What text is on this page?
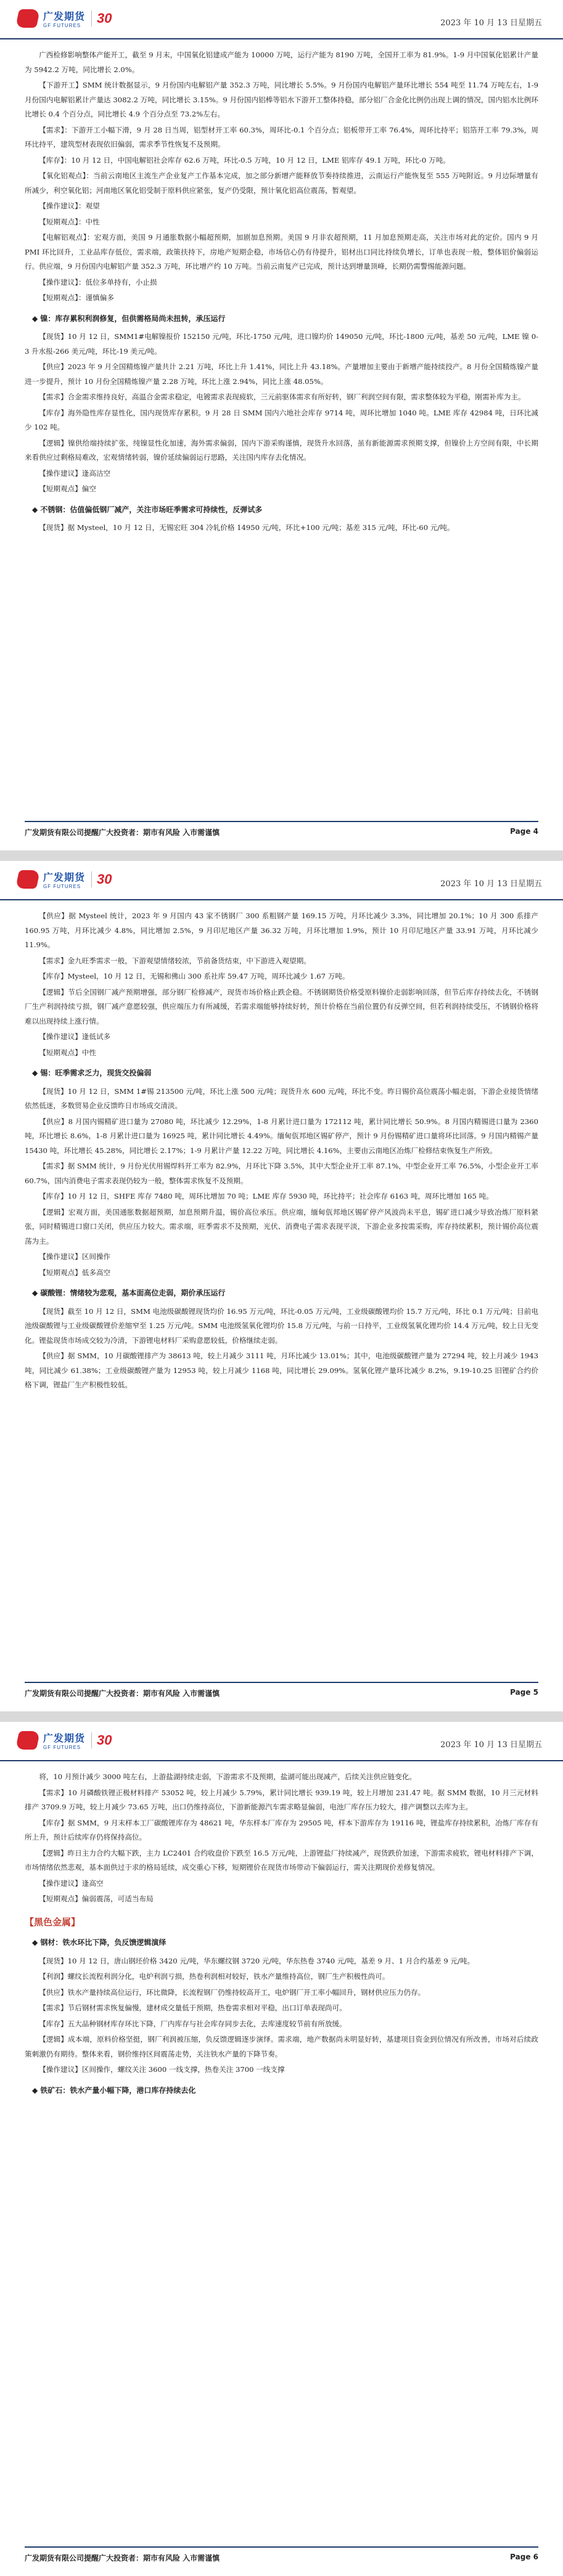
广发期货
GF FUTURES	30	2023 年 10 月 13 日星期五

广西检修影响整体产能开工，截至 9 月末，中国氧化铝建成产能为 10000 万吨，运行产能为 8190 万吨，全国开工率为 81.9%。1-9 月中国氧化铝累计产量为 5942.2 万吨，同比增长 2.0%。

【下游开工】SMM 统计数据显示，9 月份国内电解铝产量 352.3 万吨，同比增长 5.5%。9 月份国内电解铝产量环比增长 554 吨至 11.74 万吨左右，1-9 月份国内电解铝累计产量达 3082.2 万吨，同比增长 3.15%。9 月份国内铝棒等铝水下游开工整体持稳，部分铝厂合金化比例仍出现上调的情况，国内铝水比例环比增长 0.4 个百分点，同比增长 4.9 个百分点至 73.2%左右。

【需求】：下游开工小幅下滑，9 月 28 日当周，铝型材开工率 60.3%，周环比-0.1 个百分点；铝板带开工率 76.4%，周环比持平；铝箔开工率 79.3%，周环比持平，建筑型材表现依旧偏弱，需求季节性恢复不及预期。

【库存】：10 月 12 日，中国电解铝社会库存 62.6 万吨，环比-0.5 万吨，10 月 12 日，LME 铝库存 49.1 万吨，环比-0 万吨。

【氧化铝观点】：当前云南地区主流生产企业复产工作基本完成，加之部分新增产能释放节奏持续推进，云南运行产能恢复至 555 万吨附近。9 月边际增量有所减少，利空氧化铝；河南地区氧化铝受制于原料供应紧张，复产仍受限，预计氧化铝高位震荡，暂观望。

【操作建议】：观望

【短期观点】：中性

【电解铝观点】：宏观方面，美国 9 月通胀数据小幅超预期，加剧加息预期。美国 9 月非农超预期，11 月加息预期走高，关注市场对此的定价。国内 9 月 PMI 环比回升，工业品库存低位，需求端，政策扶持下，房地产短期企稳，市场信心仍有待提升，铝材出口同比持续负增长，订单也表现一般，整体铝价偏弱运行。供应端，9 月份国内电解铝产量 352.3 万吨，环比增产约 10 万吨。当前云南复产已完成，预计达到增量顶峰，长期仍需警惕能源问题。

【操作建议】：低位多单持有，小止损

【短期观点】：谨慎偏多

◆ 镍：库存累积利润修复，但供需格局尚未扭转，承压运行

【现货】10 月 12 日，SMM1#电解镍报价 152150 元/吨，环比-1750 元/吨，进口镍均价 149050 元/吨，环比-1800 元/吨，基差 50 元/吨，LME 镍 0-3 升水报-266 美元/吨，环比-19 美元/吨。

【供应】2023 年 9 月全国精炼镍产量共计 2.21 万吨，环比上升 1.41%，同比上升 43.18%。产量增加主要由于新增产能持续投产。8 月份全国精炼镍产量进一步提升，预计 10 月份全国精炼镍产量 2.28 万吨，环比上涨 2.94%，同比上涨 48.05%。

【需求】合金需求维持良好，高温合金需求稳定，电镀需求表现疲软，三元前驱体需求有所好转，钢厂利润空间有限，需求整体较为平稳，刚需补库为主。

【库存】海外隐性库存显性化，国内现货库存累积。9 月 28 日 SMM 国内六地社会库存 9714 吨，周环比增加 1040 吨。LME 库存 42984 吨，日环比减少 102 吨。

【逻辑】镍供给端持续扩张，纯镍显性化加速，海外需求偏弱，国内下游采购谨慎，现货升水回落，虽有新能源需求预期支撑，但镍价上方空间有限，中长期来看供应过剩格局难改，宏观情绪转弱，镍价延续偏弱运行思路，关注国内库存去化情况。

【操作建议】逢高沽空

【短期观点】偏空

◆ 不锈钢：估值偏低钢厂减产，关注市场旺季需求可持续性，反弹试多

【现货】据 Mysteel，10 月 12 日，无锡宏旺 304 冷轧价格 14950 元/吨，环比+100 元/吨；基差 315 元/吨，环比-60 元/吨。

广发期货有限公司提醒广大投资者：期市有风险 入市需谨慎	Page 4
广发期货
GF FUTURES	30	2023 年 10 月 13 日星期五

【供应】据 Mysteel 统计，2023 年 9 月国内 43 家不锈钢厂 300 系粗钢产量 169.15 万吨，月环比减少 3.3%，同比增加 20.1%；10 月 300 系排产 160.95 万吨，月环比减少 4.8%，同比增加 2.5%，9 月印尼地区产量 36.32 万吨，月环比增加 1.9%，预计 10 月印尼地区产量 33.91 万吨，月环比减少 11.9%。

【需求】金九旺季需求一般，下游观望情绪较浓，节前备货结束，中下游进入观望期。

【库存】Mysteel，10 月 12 日，无锡和佛山 300 系社库 59.47 万吨，周环比减少 1.67 万吨。

【逻辑】节后全国钢厂减产预期增强，部分钢厂检修减产，现货市场价格止跌企稳。不锈钢期货价格受原料镍价走弱影响回落，但节后库存持续去化，不锈钢厂生产利润持续亏损，钢厂减产意愿较强，供应端压力有所减缓，若需求端能够持续好转，预计价格在当前位置仍有反弹空间，但若利润持续受压，不锈钢价格将难以出现持续上涨行情。

【操作建议】逢低试多

【短期观点】中性

◆ 锡：旺季需求乏力，现货交投偏弱

【现货】10 月 12 日，SMM 1#锡 213500 元/吨，环比上涨 500 元/吨；现货升水 600 元/吨，环比不变。昨日锡价高位震荡小幅走弱，下游企业接货情绪依然低迷，多数贸易企业反馈昨日市场成交清淡。

【供应】8 月国内锡精矿进口量为 27080 吨，环比减少 12.29%，1-8 月累计进口量为 172112 吨，累计同比增长 50.9%。8 月国内精锡进口量为 2360 吨，环比增长 8.6%，1-8 月累计进口量为 16925 吨，累计同比增长 4.49%。缅甸佤邦地区锡矿停产，预计 9 月份锡精矿进口量将环比回落。9 月国内精锡产量 15430 吨，环比增长 45.28%，同比增长 2.17%；1-9 月累计产量 12.22 万吨，同比增长 4.16%，主要由云南地区冶炼厂检修结束恢复生产所致。

【需求】据 SMM 统计，9 月份光伏用锡焊料开工率为 82.9%，月环比下降 3.5%，其中大型企业开工率 87.1%，中型企业开工率 76.5%，小型企业开工率 60.7%，国内消费电子需求表现仍较为一般，整体需求恢复不及预期。

【库存】10 月 12 日，SHFE 库存 7480 吨，周环比增加 70 吨；LME 库存 5930 吨，环比持平；社会库存 6163 吨，周环比增加 165 吨。

【逻辑】宏观方面，美国通胀数据超预期，加息预期升温，锡价高位承压。供应端，缅甸佤邦地区锡矿停产风波尚未平息，锡矿进口减少导致冶炼厂原料紧张，同时精锡进口窗口关闭，供应压力较大。需求端，旺季需求不及预期，光伏、消费电子需求表现平淡，下游企业多按需采购，库存持续累积，预计锡价高位震荡为主。

【操作建议】区间操作

【短期观点】低多高空

◆ 碳酸锂：情绪较为悲观，基本面高位走弱，期价承压运行

【现货】截至 10 月 12 日，SMM 电池级碳酸锂现货均价 16.95 万元/吨，环比-0.05 万元/吨，工业级碳酸锂均价 15.7 万元/吨，环比 0.1 万元/吨；目前电池级碳酸锂与工业级碳酸锂价差缩窄至 1.25 万元/吨。SMM 电池级氢氧化锂均价 15.8 万元/吨，与前一日持平，工业级氢氧化锂均价 14.4 万元/吨，较上日无变化。锂盐现货市场成交较为冷清，下游锂电材料厂采购意愿较低，价格继续走弱。

【供应】据 SMM，10 月碳酸锂排产为 38613 吨，较上月减少 3111 吨，月环比减少 13.01%；其中，电池级碳酸锂产量为 27294 吨，较上月减少 1943 吨，同比减少 61.38%；工业级碳酸锂产量为 12953 吨，较上月减少 1168 吨，同比增长 29.09%。氢氧化锂产量环比减少 8.2%，9.19-10.25 旧锂矿合约价格下调，锂盐厂生产积极性较低。

广发期货有限公司提醒广大投资者：期市有风险 入市需谨慎	Page 5
广发期货
GF FUTURES	30	2023 年 10 月 13 日星期五

将，10 月预计减少 3000 吨左右，上游盐湖持续走弱，下游需求不及预期，盐湖可能出现减产，后续关注供应链变化。

【需求】10 月磷酸铁锂正极材料排产 53052 吨，较上月减少 5.79%，累计同比增长 939.19 吨，较上月增加 231.47 吨。据 SMM 数据，10 月三元材料排产 3709.9 万吨，较上月减少 73.65 万吨，出口仍维持高位，下游新能源汽车需求略显偏弱，电池厂库存压力较大，排产调整以去库为主。

【库存】据 SMM，9 月末样本工厂碳酸锂库存为 48621 吨，华东样本厂库存为 29505 吨，样本下游库存为 19116 吨，锂盐库存持续累积，冶炼厂库存有所上升，预计后续库存仍将保持高位。

【逻辑】昨日主力合约大幅下跌，主力 LC2401 合约收盘价下跌至 16.5 万元/吨，上游锂盐厂持续减产，现货跌价加速，下游需求疲软，锂电材料排产下调，市场情绪依然悲观，基本面供过于求的格局延续，成交重心下移，短期锂价在现货市场带动下偏弱运行，需关注期现价差修复情况。

【操作建议】逢高空

【短期观点】偏弱震荡，可适当布局

【黑色金属】
◆ 钢材：铁水环比下降，负反馈逻辑演绎

【现货】10 月 12 日，唐山钢坯价格 3420 元/吨，华东螺纹钢 3720 元/吨，华东热卷 3740 元/吨，基差 9 月、1 月合约基差 9 元/吨。

【利润】螺纹长流程利润分化，电炉利润亏损，热卷利润相对较好，铁水产量维持高位，钢厂生产积极性尚可。

【供应】铁水产量持续高位运行，环比微降，长流程钢厂仍维持较高开工，电炉钢厂开工率小幅回升，钢材供应压力仍存。

【需求】节后钢材需求恢复偏慢，建材成交量低于预期，热卷需求相对平稳，出口订单表现尚可。

【库存】五大品种钢材库存环比下降，厂内库存与社会库存同步去化，去库速度较节前有所放缓。

【逻辑】成本端，原料价格坚挺，钢厂利润被压缩，负反馈逻辑逐步演绎。需求端，地产数据尚未明显好转，基建项目资金到位情况有所改善，市场对后续政策刺激仍有期待。整体来看，钢价维持区间震荡走势，关注铁水产量的下降节奏。

【操作建议】区间操作，螺纹关注 3600 一线支撑，热卷关注 3700 一线支撑

◆ 铁矿石：铁水产量小幅下降，港口库存持续去化
广发期货有限公司提醒广大投资者：期市有风险 入市需谨慎	Page 6
